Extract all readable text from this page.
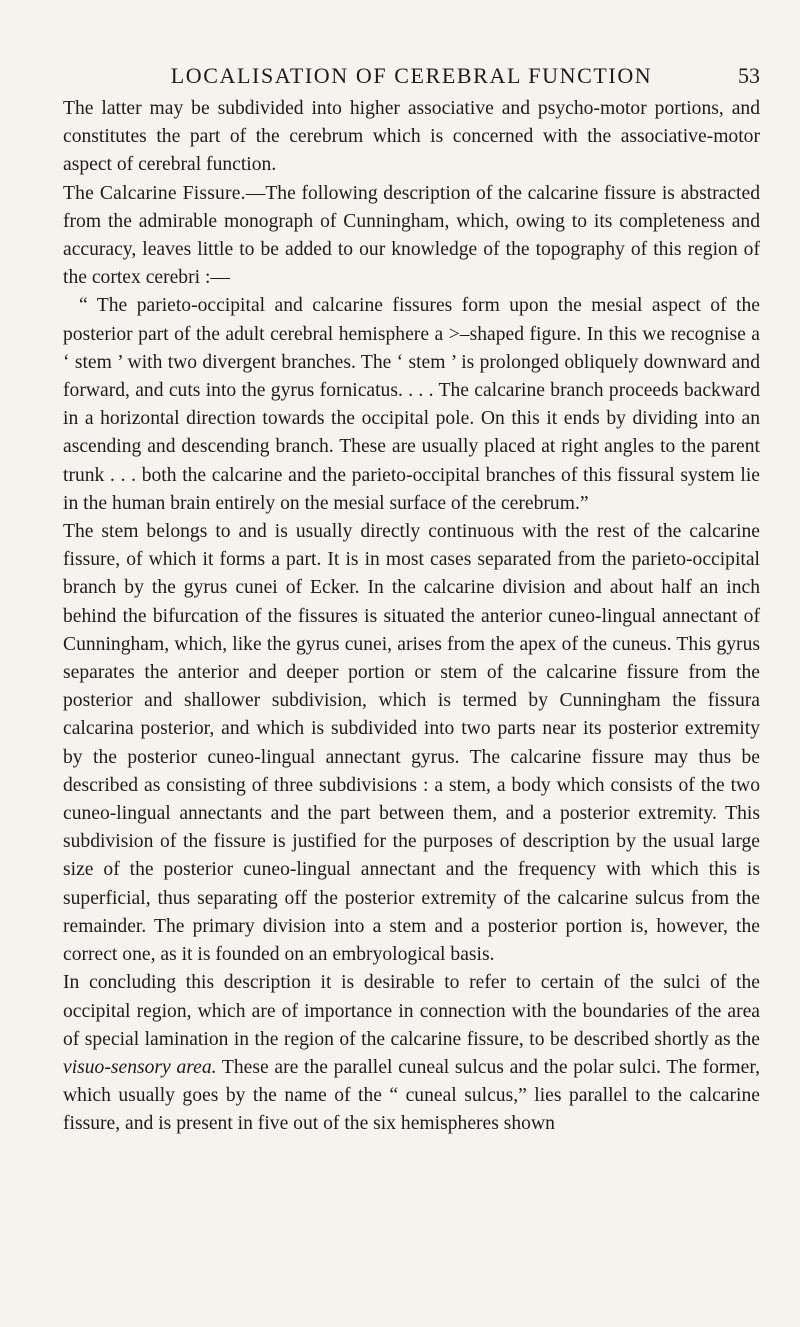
LOCALISATION OF CEREBRAL FUNCTION	53

The latter may be subdivided into higher associative and psycho-motor portions, and constitutes the part of the cerebrum which is concerned with the associative-motor aspect of cerebral function.

The Calcarine Fissure.—The following description of the calcarine fissure is abstracted from the admirable monograph of Cunningham, which, owing to its completeness and accuracy, leaves little to be added to our knowledge of the topography of this region of the cortex cerebri :—

“ The parieto-occipital and calcarine fissures form upon the mesial aspect of the posterior part of the adult cerebral hemisphere a >–shaped figure. In this we recognise a ‘ stem ’ with two divergent branches. The ‘ stem ’ is prolonged obliquely downward and forward, and cuts into the gyrus fornicatus. . . . The calcarine branch proceeds backward in a horizontal direction towards the occipital pole. On this it ends by dividing into an ascending and descending branch. These are usually placed at right angles to the parent trunk . . . both the calcarine and the parieto-occipital branches of this fissural system lie in the human brain entirely on the mesial surface of the cerebrum.”

The stem belongs to and is usually directly continuous with the rest of the calcarine fissure, of which it forms a part. It is in most cases separated from the parieto-occipital branch by the gyrus cunei of Ecker. In the calcarine division and about half an inch behind the bifurcation of the fissures is situated the anterior cuneo-lingual annectant of Cunningham, which, like the gyrus cunei, arises from the apex of the cuneus. This gyrus separates the anterior and deeper portion or stem of the calcarine fissure from the posterior and shallower subdivision, which is termed by Cunningham the fissura calcarina posterior, and which is subdivided into two parts near its posterior extremity by the posterior cuneo-lingual annectant gyrus. The calcarine fissure may thus be described as consisting of three subdivisions : a stem, a body which consists of the two cuneo-lingual annectants and the part between them, and a posterior extremity. This subdivision of the fissure is justified for the purposes of description by the usual large size of the posterior cuneo-lingual annectant and the frequency with which this is superficial, thus separating off the posterior extremity of the calcarine sulcus from the remainder. The primary division into a stem and a posterior portion is, however, the correct one, as it is founded on an embryological basis.

In concluding this description it is desirable to refer to certain of the sulci of the occipital region, which are of importance in connection with the boundaries of the area of special lamination in the region of the calcarine fissure, to be described shortly as the visuo-sensory area. These are the parallel cuneal sulcus and the polar sulci. The former, which usually goes by the name of the “ cuneal sulcus,” lies parallel to the calcarine fissure, and is present in five out of the six hemispheres shown
